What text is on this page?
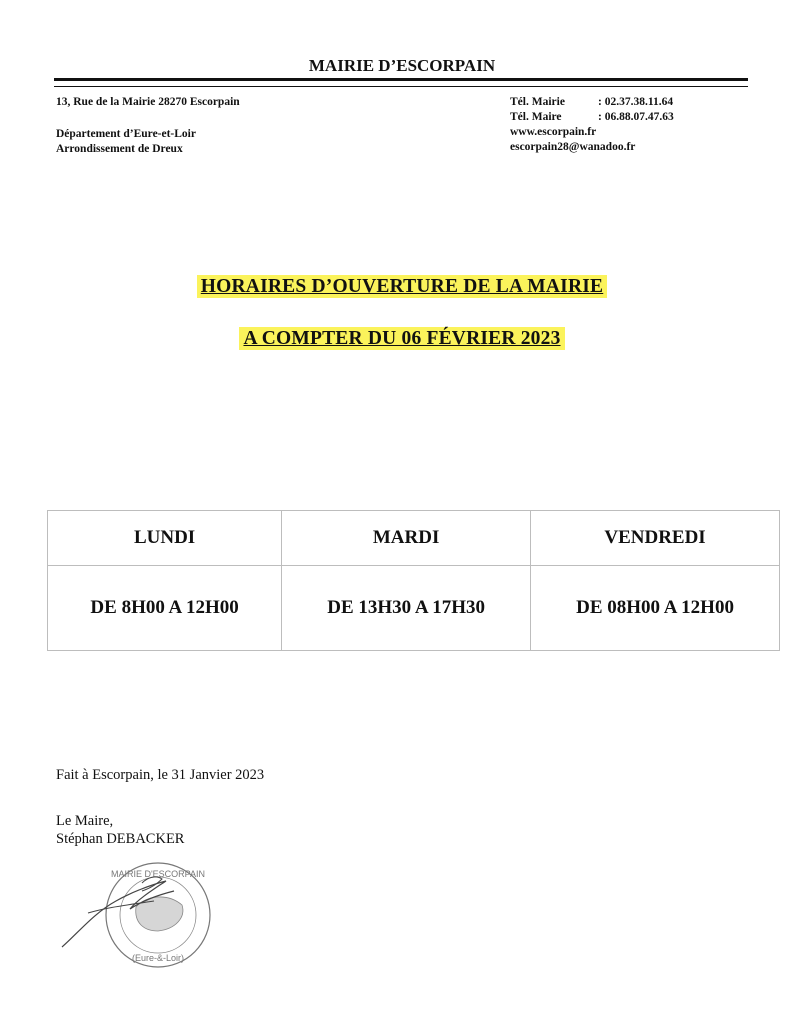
MAIRIE D’ESCORPAIN
13, Rue de la Mairie 28270 Escorpain
Département d’Eure-et-Loir
Arrondissement de Dreux
Tél. Mairie	: 02.37.38.11.64
Tél. Maire	: 06.88.07.47.63
www.escorpain.fr
escorpain28@wanadoo.fr
HORAIRES D’OUVERTURE DE LA MAIRIE
A COMPTER DU 06 FÉVRIER 2023
LUNDI	MARDI	VENDREDI
DE 8H00 A 12H00	DE 13H30 A 17H30	DE 08H00 A 12H00
Fait à Escorpain, le 31 Janvier 2023
Le Maire,
Stéphan DEBACKER
MAIRIE D'ESCORPAIN
(Eure-&-Loir)
